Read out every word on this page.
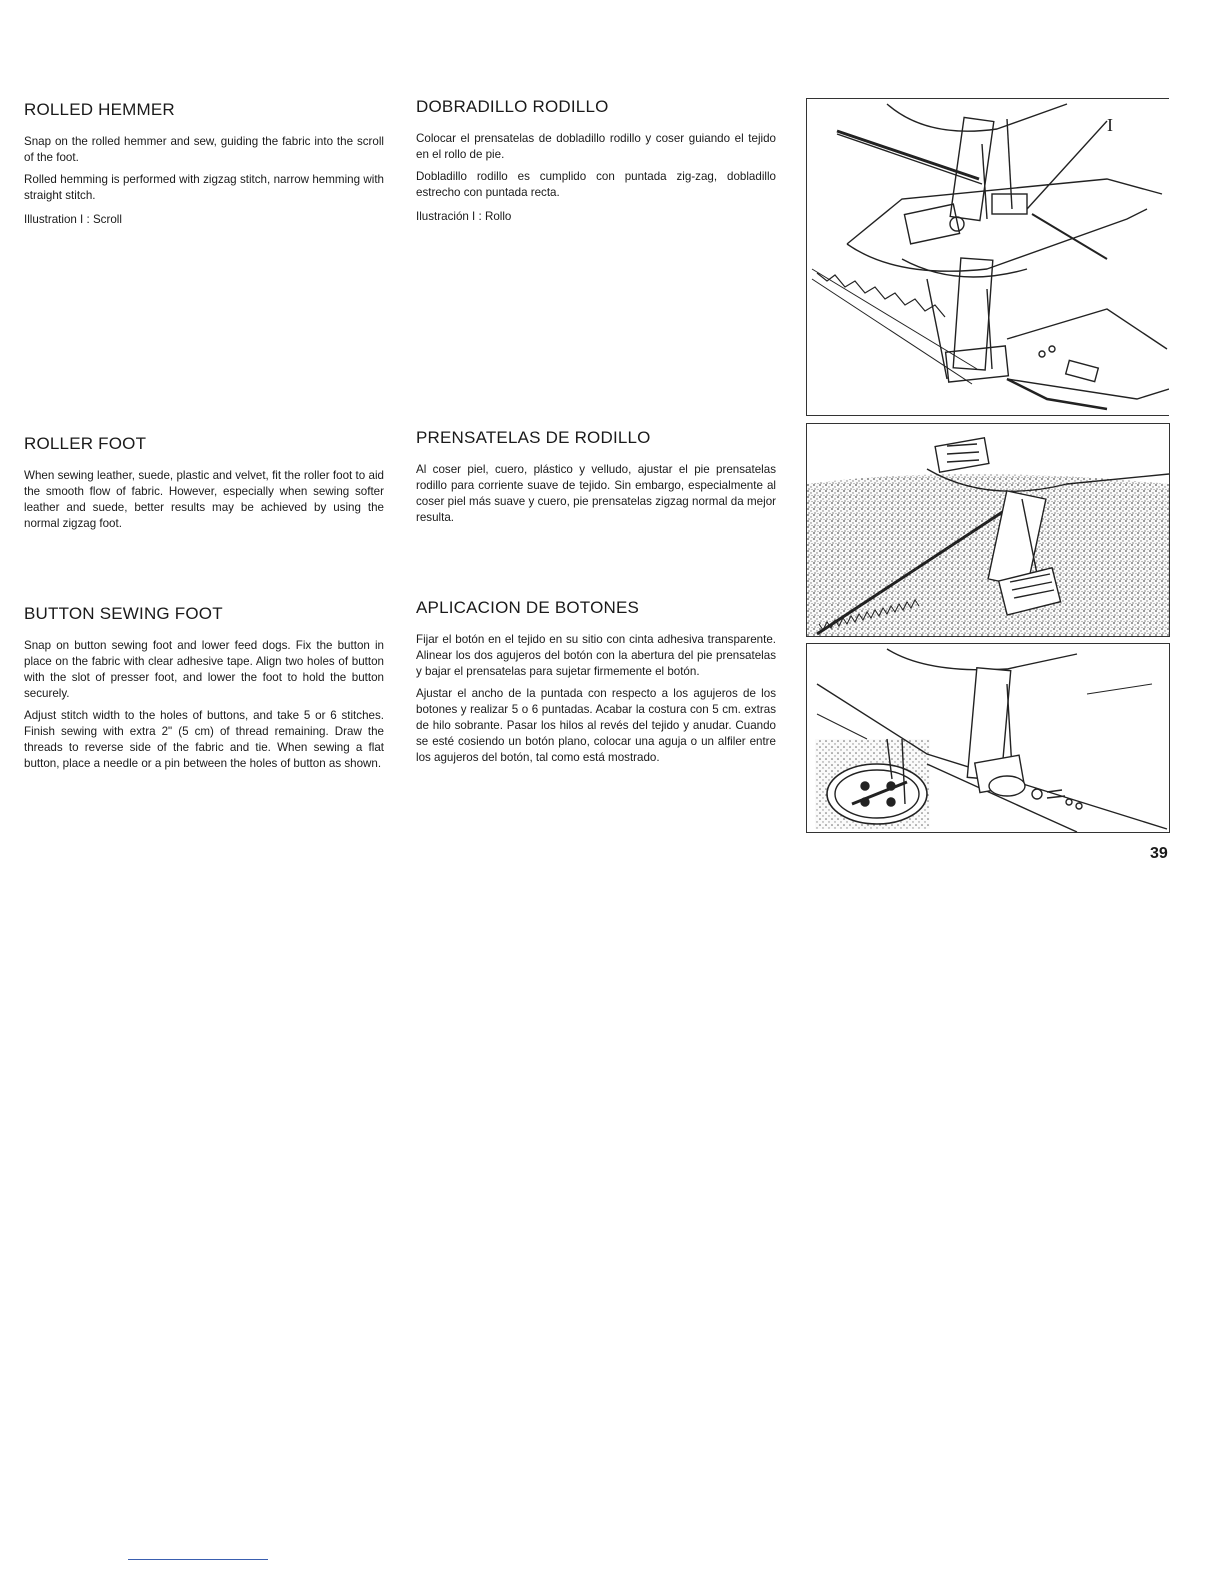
ROLLED HEMMER

Snap on the rolled hemmer and sew, guiding the fabric into the scroll of the foot.

Rolled hemming is performed with zigzag stitch, narrow hemming with straight stitch.

Illustration I : Scroll

DOBRADILLO RODILLO

Colocar el prensatelas de dobladillo rodillo y coser guiando el tejido en el rollo de pie.

Dobladillo rodillo es cumplido con puntada zig-zag, dobladillo estrecho con puntada recta.

Ilustración I : Rollo

ROLLER FOOT

When sewing leather, suede, plastic and velvet, fit the roller foot to aid the smooth flow of fabric. However, especially when sewing softer leather and suede, better results may be achieved by using the normal zigzag foot.

PRENSATELAS DE RODILLO

Al coser piel, cuero, plástico y velludo, ajustar el pie prensatelas rodillo para corriente suave de tejido. Sin embargo, especialmente al coser piel más suave y cuero, pie prensatelas zigzag normal da mejor resulta.

BUTTON SEWING FOOT

Snap on button sewing foot and lower feed dogs. Fix the button in place on the fabric with clear adhesive tape. Align two holes of button with the slot of presser foot, and lower the foot to hold the button securely.

Adjust stitch width to the holes of buttons, and take 5 or 6 stitches. Finish sewing with extra 2" (5 cm) of thread remaining. Draw the threads to reverse side of the fabric and tie. When sewing a flat button, place a needle or a pin between the holes of button as shown.

APLICACION DE BOTONES

Fijar el botón en el tejido en su sitio con cinta adhesiva transparente. Alinear los dos agujeros del botón con la abertura del pie prensatelas y bajar el prensatelas para sujetar firmemente el botón.

Ajustar el ancho de la puntada con respecto a los agujeros de los botones y realizar 5 o 6 puntadas. Acabar la costura con 5 cm. extras de hilo sobrante. Pasar los hilos al revés del tejido y anudar. Cuando se esté cosiendo un botón plano, colocar una aguja o un alfiler entre los agujeros del botón, tal como está mostrado.

I
39
